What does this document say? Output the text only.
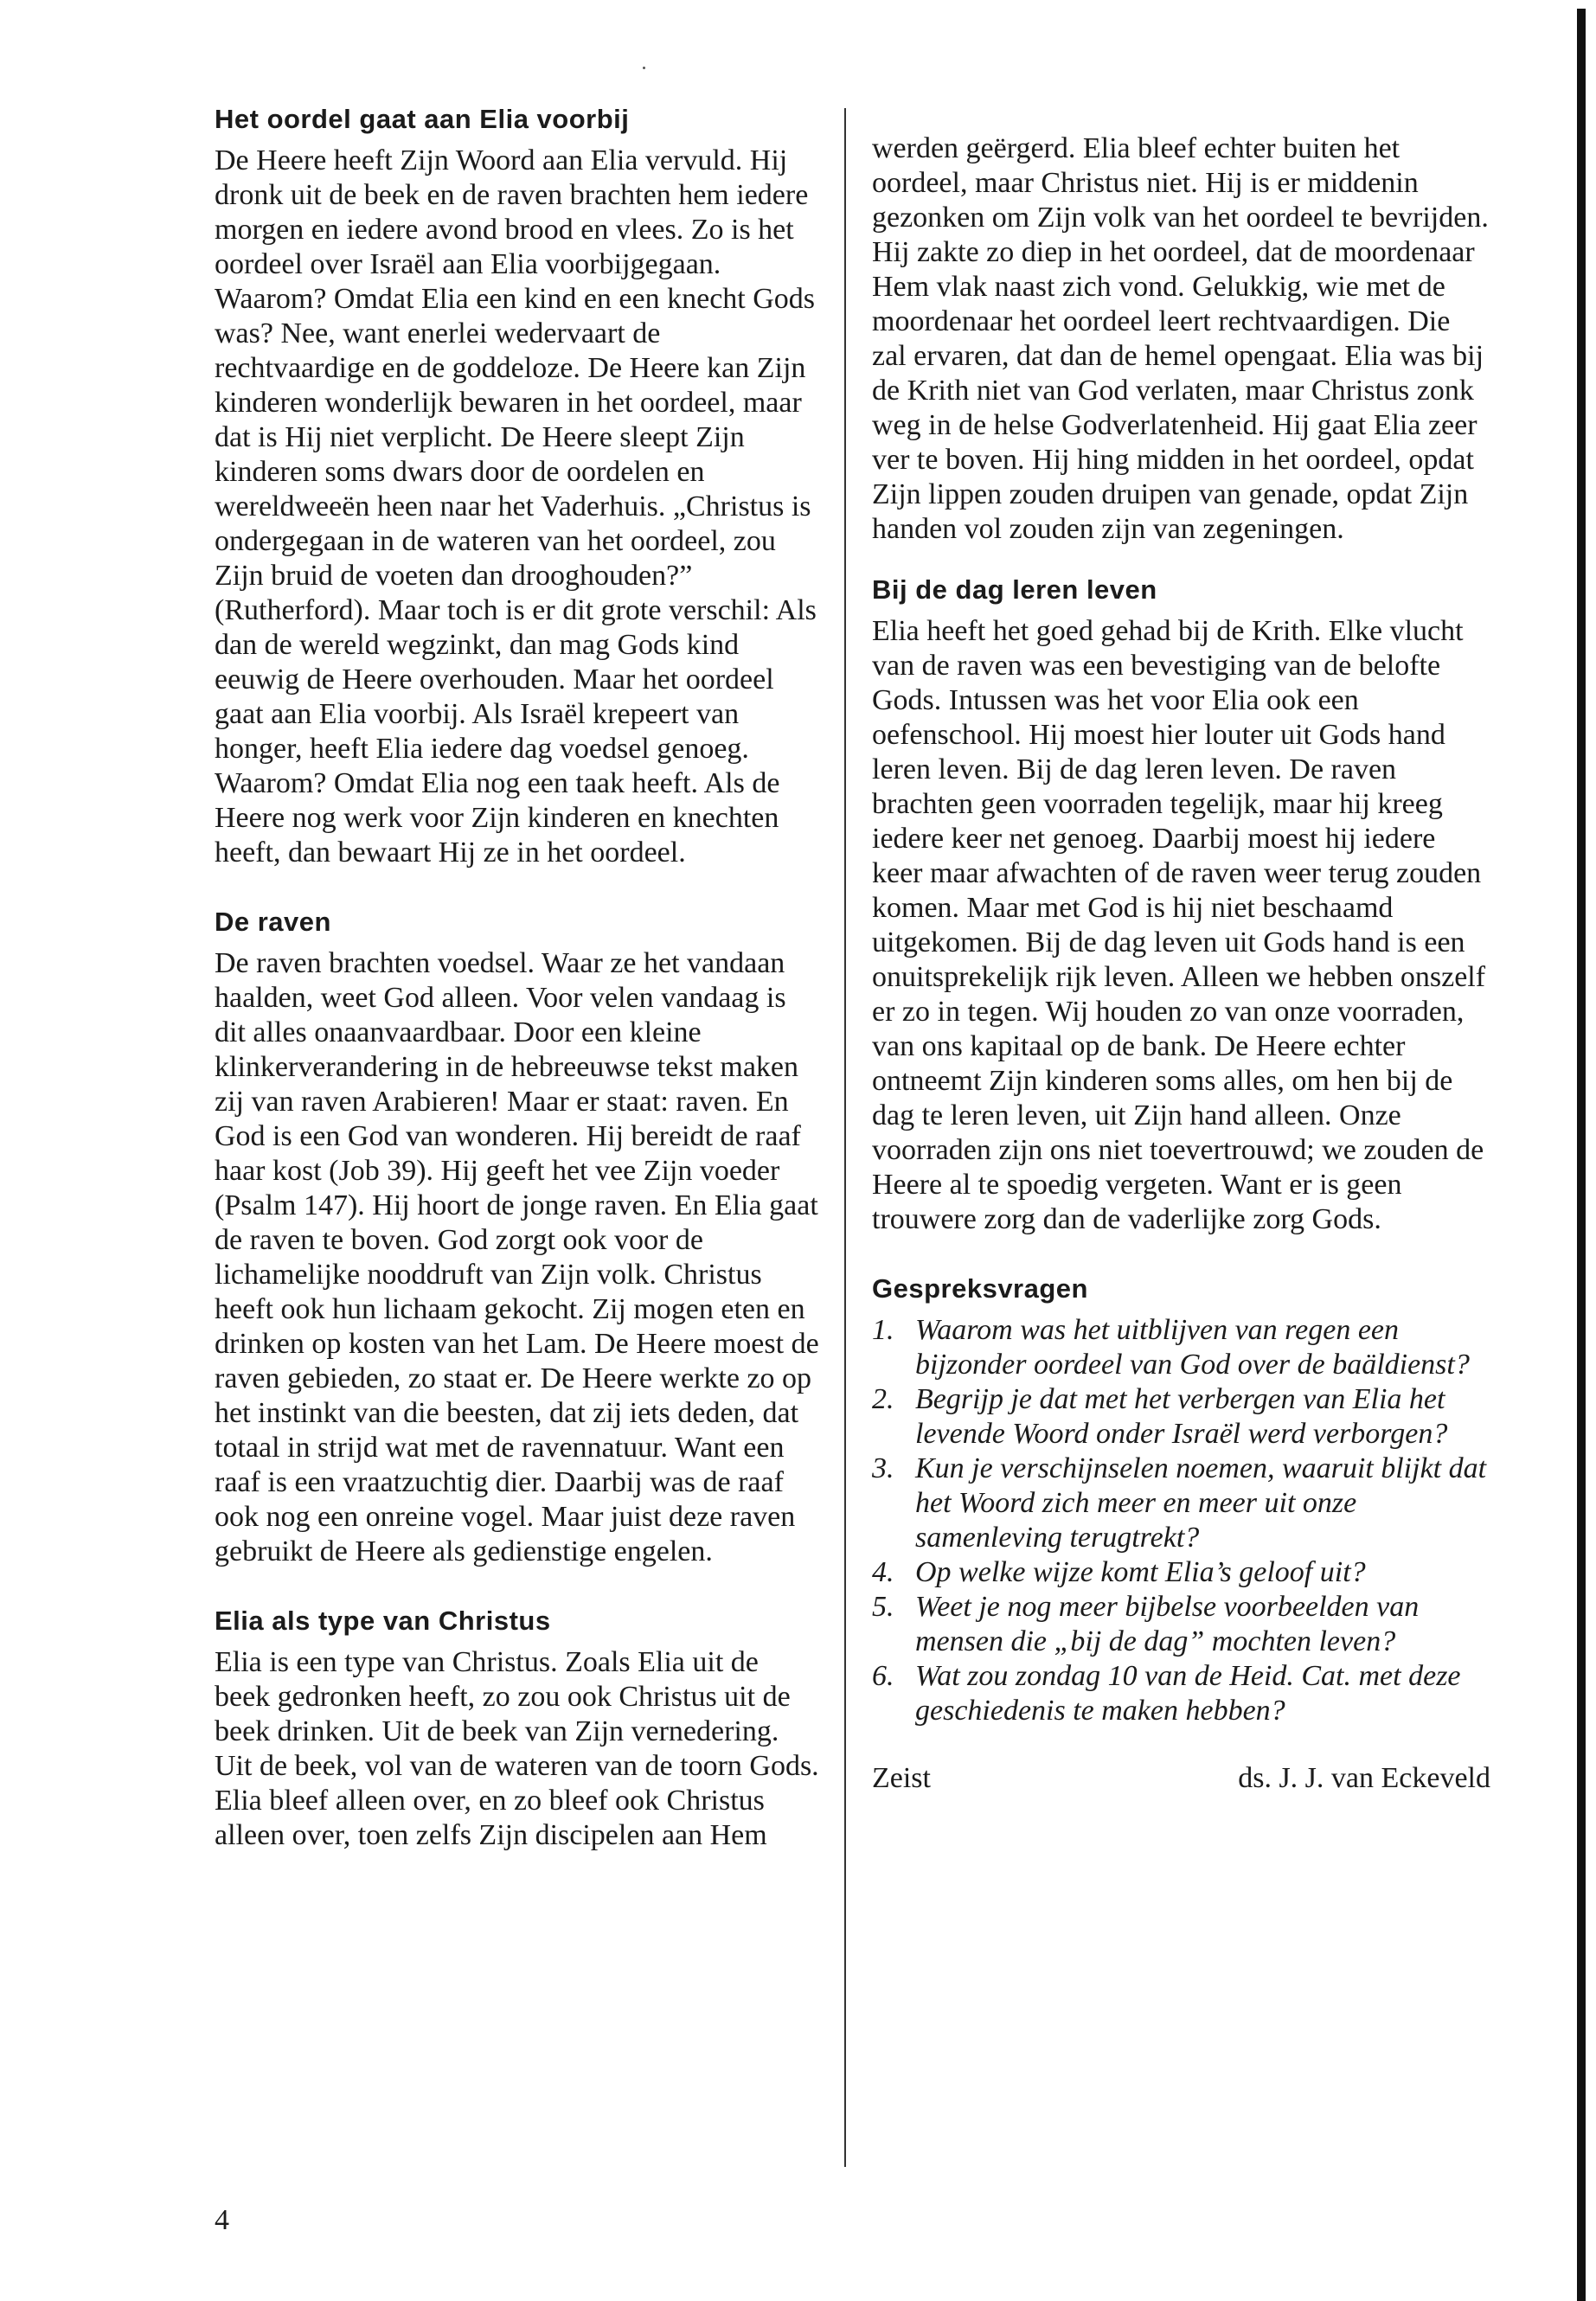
Het oordel gaat aan Elia voorbij

De Heere heeft Zijn Woord aan Elia vervuld. Hij dronk uit de beek en de raven brachten hem iedere morgen en iedere avond brood en vlees. Zo is het oordeel over Israël aan Elia voorbijgegaan. Waarom? Omdat Elia een kind en een knecht Gods was? Nee, want enerlei wedervaart de rechtvaardige en de goddeloze. De Heere kan Zijn kinderen wonderlijk bewaren in het oordeel, maar dat is Hij niet verplicht. De Heere sleept Zijn kinderen soms dwars door de oordelen en wereldweeën heen naar het Vaderhuis. „Christus is ondergegaan in de wateren van het oordeel, zou Zijn bruid de voeten dan drooghouden?” (Rutherford). Maar toch is er dit grote verschil: Als dan de wereld wegzinkt, dan mag Gods kind eeuwig de Heere overhouden. Maar het oordeel gaat aan Elia voorbij. Als Israël krepeert van honger, heeft Elia iedere dag voedsel genoeg. Waarom? Omdat Elia nog een taak heeft. Als de Heere nog werk voor Zijn kinderen en knechten heeft, dan bewaart Hij ze in het oordeel.

De raven

De raven brachten voedsel. Waar ze het vandaan haalden, weet God alleen. Voor velen vandaag is dit alles onaanvaardbaar. Door een kleine klinkerverandering in de hebreeuwse tekst maken zij van raven Arabieren! Maar er staat: raven. En God is een God van wonderen. Hij bereidt de raaf haar kost (Job 39). Hij geeft het vee Zijn voeder (Psalm 147). Hij hoort de jonge raven. En Elia gaat de raven te boven. God zorgt ook voor de lichamelijke nooddruft van Zijn volk. Christus heeft ook hun lichaam gekocht. Zij mogen eten en drinken op kosten van het Lam. De Heere moest de raven gebieden, zo staat er. De Heere werkte zo op het instinkt van die beesten, dat zij iets deden, dat totaal in strijd wat met de ravennatuur. Want een raaf is een vraatzuchtig dier. Daarbij was de raaf ook nog een onreine vogel. Maar juist deze raven gebruikt de Heere als gedienstige engelen.

Elia als type van Christus

Elia is een type van Christus. Zoals Elia uit de beek gedronken heeft, zo zou ook Christus uit de beek drinken. Uit de beek van Zijn vernedering. Uit de beek, vol van de wateren van de toorn Gods. Elia bleef alleen over, en zo bleef ook Christus alleen over, toen zelfs Zijn discipelen aan Hem

werden geërgerd. Elia bleef echter buiten het oordeel, maar Christus niet. Hij is er middenin gezonken om Zijn volk van het oordeel te bevrijden. Hij zakte zo diep in het oordeel, dat de moordenaar Hem vlak naast zich vond. Gelukkig, wie met de moordenaar het oordeel leert rechtvaardigen. Die zal ervaren, dat dan de hemel opengaat. Elia was bij de Krith niet van God verlaten, maar Christus zonk weg in de helse Godverlatenheid. Hij gaat Elia zeer ver te boven. Hij hing midden in het oordeel, opdat Zijn lippen zouden druipen van genade, opdat Zijn handen vol zouden zijn van zegeningen.

Bij de dag leren leven

Elia heeft het goed gehad bij de Krith. Elke vlucht van de raven was een bevestiging van de belofte Gods. Intussen was het voor Elia ook een oefenschool. Hij moest hier louter uit Gods hand leren leven. Bij de dag leren leven. De raven brachten geen voorraden tegelijk, maar hij kreeg iedere keer net genoeg. Daarbij moest hij iedere keer maar afwachten of de raven weer terug zouden komen. Maar met God is hij niet beschaamd uitgekomen. Bij de dag leven uit Gods hand is een onuitsprekelijk rijk leven. Alleen we hebben onszelf er zo in tegen. Wij houden zo van onze voorraden, van ons kapitaal op de bank. De Heere echter ontneemt Zijn kinderen soms alles, om hen bij de dag te leren leven, uit Zijn hand alleen. Onze voorraden zijn ons niet toevertrouwd; we zouden de Heere al te spoedig vergeten. Want er is geen trouwere zorg dan de vaderlijke zorg Gods.

Gespreksvragen
1. Waarom was het uitblijven van regen een bijzonder oordeel van God over de baäldienst?
2. Begrijp je dat met het verbergen van Elia het levende Woord onder Israël werd verborgen?
3. Kun je verschijnselen noemen, waaruit blijkt dat het Woord zich meer en meer uit onze samenleving terugtrekt?
4. Op welke wijze komt Elia’s geloof uit?
5. Weet je nog meer bijbelse voorbeelden van mensen die „bij de dag” mochten leven?
6. Wat zou zondag 10 van de Heid. Cat. met deze geschiedenis te maken hebben?
Zeist	ds. J. J. van Eckeveld
4
